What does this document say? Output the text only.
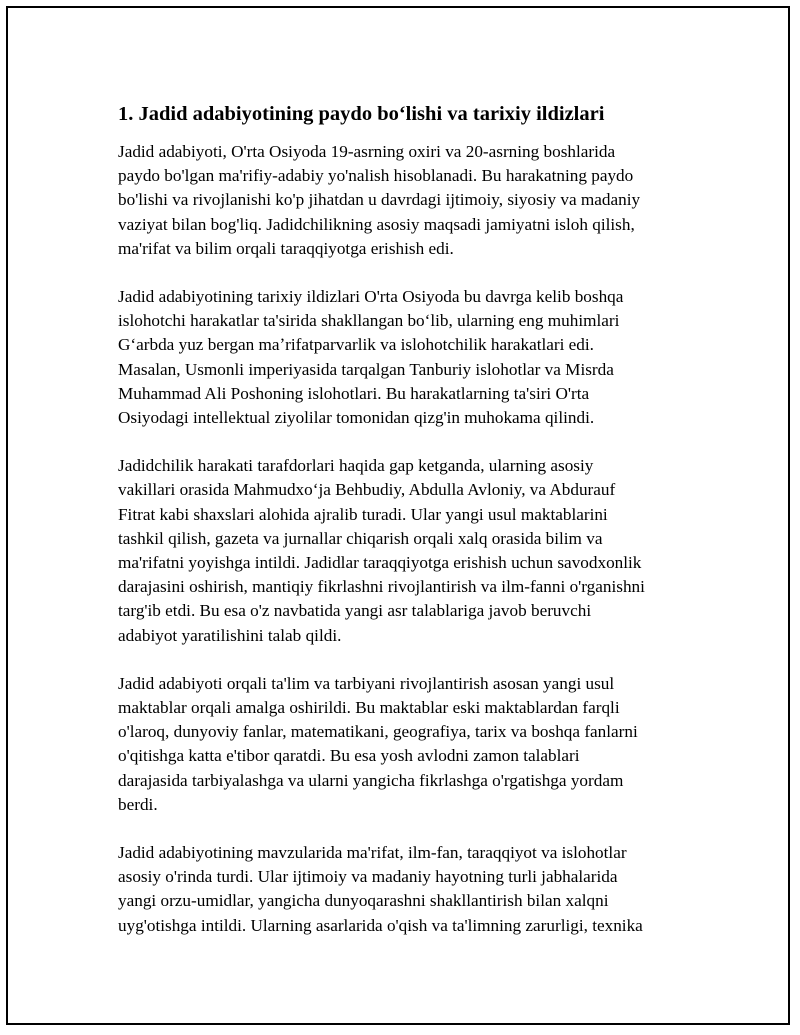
1. Jadid adabiyotining paydo boʻlishi va tarixiy ildizlari
Jadid adabiyoti, O'rta Osiyoda 19-asrning oxiri va 20-asrning boshlarida
paydo bo'lgan ma'rifiy-adabiy yo'nalish hisoblanadi. Bu harakatning paydo
bo'lishi va rivojlanishi ko'p jihatdan u davrdagi ijtimoiy, siyosiy va madaniy
vaziyat bilan bog'liq. Jadidchilikning asosiy maqsadi jamiyatni isloh qilish,
ma'rifat va bilim orqali taraqqiyotga erishish edi.
Jadid adabiyotining tarixiy ildizlari O'rta Osiyoda bu davrga kelib boshqa
islohotchi harakatlar ta'sirida shakllangan boʻlib, ularning eng muhimlari
Gʻarbda yuz bergan maʼrifatparvarlik va islohotchilik harakatlari edi.
Masalan, Usmonli imperiyasida tarqalgan Tanburiy islohotlar va Misrda
Muhammad Ali Poshoning islohotlari. Bu harakatlarning ta'siri O'rta
Osiyodagi intellektual ziyolilar tomonidan qizg'in muhokama qilindi.
Jadidchilik harakati tarafdorlari haqida gap ketganda, ularning asosiy
vakillari orasida Mahmudxoʻja Behbudiy, Abdulla Avloniy, va Abdurauf
Fitrat kabi shaxslari alohida ajralib turadi. Ular yangi usul maktablarini
tashkil qilish, gazeta va jurnallar chiqarish orqali xalq orasida bilim va
ma'rifatni yoyishga intildi. Jadidlar taraqqiyotga erishish uchun savodxonlik
darajasini oshirish, mantiqiy fikrlashni rivojlantirish va ilm-fanni o'rganishni
targ'ib etdi. Bu esa o'z navbatida yangi asr talablariga javob beruvchi
adabiyot yaratilishini talab qildi.
Jadid adabiyoti orqali ta'lim va tarbiyani rivojlantirish asosan yangi usul
maktablar orqali amalga oshirildi. Bu maktablar eski maktablardan farqli
o'laroq, dunyoviy fanlar, matematikani, geografiya, tarix va boshqa fanlarni
o'qitishga katta e'tibor qaratdi. Bu esa yosh avlodni zamon talablari
darajasida tarbiyalashga va ularni yangicha fikrlashga o'rgatishga yordam
berdi.
Jadid adabiyotining mavzularida ma'rifat, ilm-fan, taraqqiyot va islohotlar
asosiy o'rinda turdi. Ular ijtimoiy va madaniy hayotning turli jabhalarida
yangi orzu-umidlar, yangicha dunyoqarashni shakllantirish bilan xalqni
uyg'otishga intildi. Ularning asarlarida o'qish va ta'limning zarurligi, texnika
